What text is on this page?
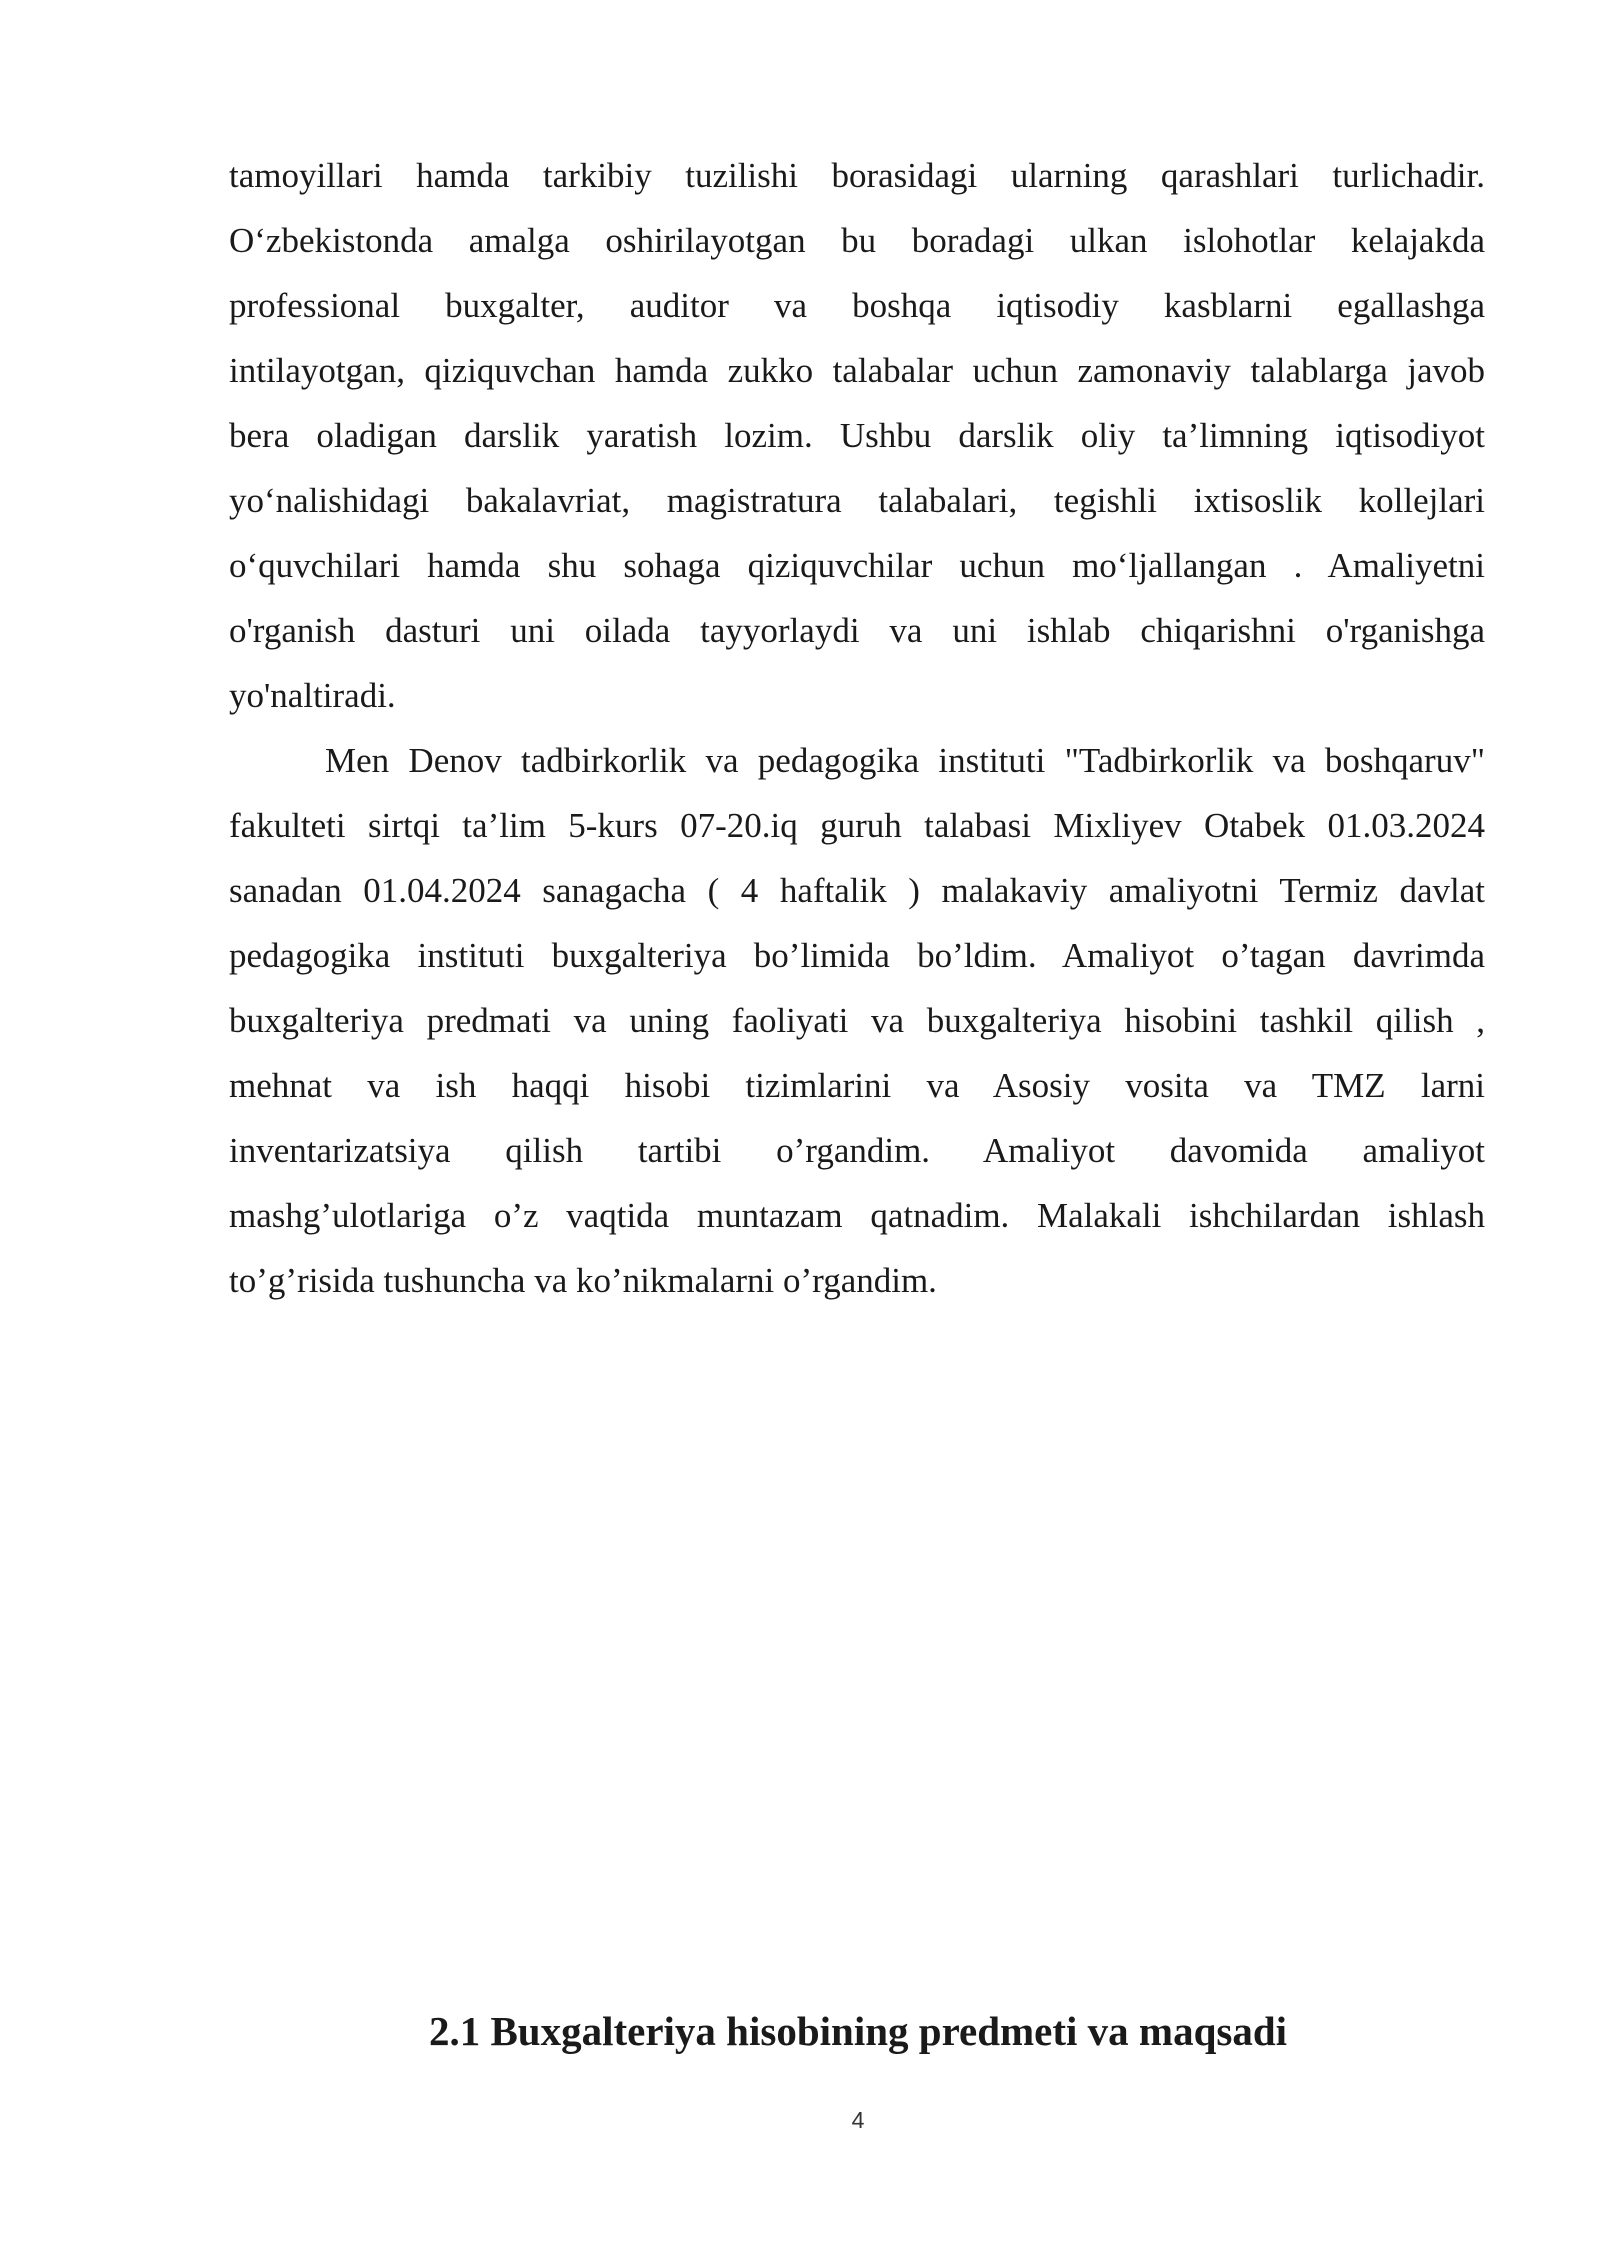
tamoyillari hamda tarkibiy tuzilishi borasidagi ularning qarashlari turlichadir.
O‘zbekistonda amalga oshirilayotgan bu boradagi ulkan islohotlar kelajakda
professional buxgalter, auditor va boshqa iqtisodiy kasblarni egallashga
intilayotgan, qiziquvchan hamda zukko talabalar uchun zamonaviy talablarga javob
bera oladigan darslik yaratish lozim. Ushbu darslik oliy ta’limning iqtisodiyot
yo‘nalishidagi bakalavriat, magistratura talabalari, tegishli ixtisoslik kollejlari
o‘quvchilari hamda shu sohaga qiziquvchilar uchun mo‘ljallangan . Amaliyetni
o'rganish dasturi uni oilada tayyorlaydi va uni ishlab chiqarishni o'rganishga
yo'naltiradi.

Men Denov tadbirkorlik va pedagogika instituti "Tadbirkorlik va boshqaruv"
fakulteti sirtqi ta’lim 5-kurs 07-20.iq guruh talabasi Mixliyev Otabek 01.03.2024
sanadan 01.04.2024 sanagacha ( 4 haftalik ) malakaviy amaliyotni Termiz davlat
pedagogika instituti buxgalteriya bo’limida bo’ldim. Amaliyot o’tagan davrimda
buxgalteriya predmati va uning faoliyati va buxgalteriya hisobini tashkil qilish ,
mehnat va ish haqqi hisobi tizimlarini va Asosiy vosita va TMZ larni
inventarizatsiya qilish tartibi o’rgandim. Amaliyot davomida amaliyot
mashg’ulotlariga o’z vaqtida muntazam qatnadim. Malakali ishchilardan ishlash
to’g’risida tushuncha va ko’nikmalarni o’rgandim.

2.1 Buxgalteriya hisobining predmeti va maqsadi
4
